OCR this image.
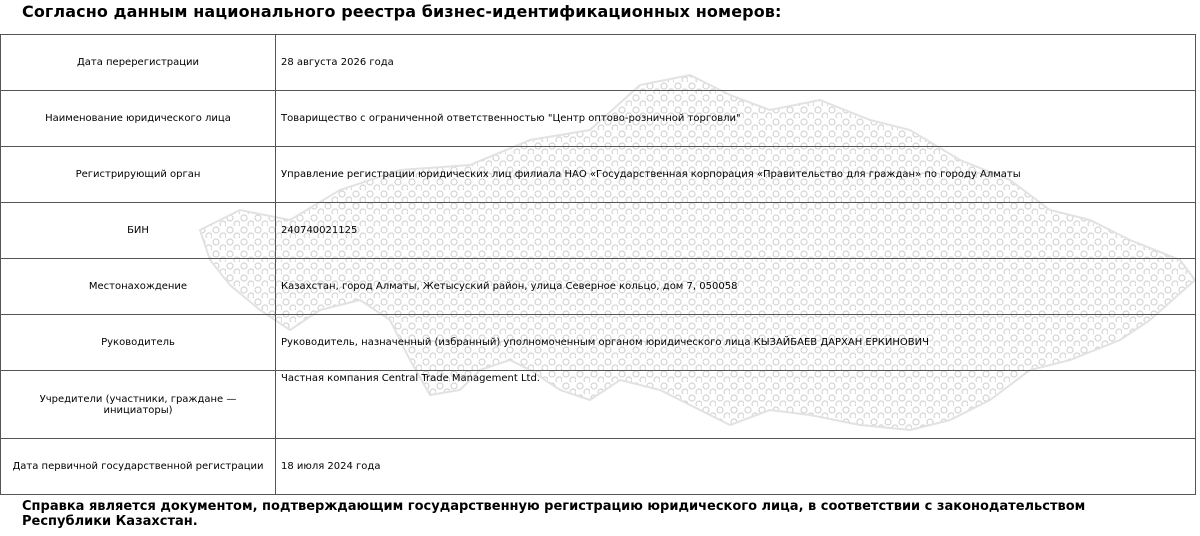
Согласно данным национального реестра бизнес-идентификационных номеров:
Дата перерегистрации	28 августа 2026 года
Наименование юридического лица	Товарищество с ограниченной ответственностью "Центр оптово-розничной торговли"
Регистрирующий орган	Управление регистрации юридических лиц филиала НАО «Государственная корпорация «Правительство для граждан» по городу Алматы
БИН	240740021125
Местонахождение	Казахстан, город Алматы, Жетысуский район, улица Северное кольцо, дом 7, 050058
Руководитель	Руководитель, назначенный (избранный) уполномоченным органом юридического лица КЫЗАЙБАЕВ ДАРХАН ЕРКИНОВИЧ
Учредители (участники, граждане — инициаторы)	Частная компания Central Trade Management Ltd.
Дата первичной государственной регистрации	18 июля 2024 года
Справка является документом, подтверждающим государственную регистрацию юридического лица, в соответствии с законодательством Республики Казахстан.
